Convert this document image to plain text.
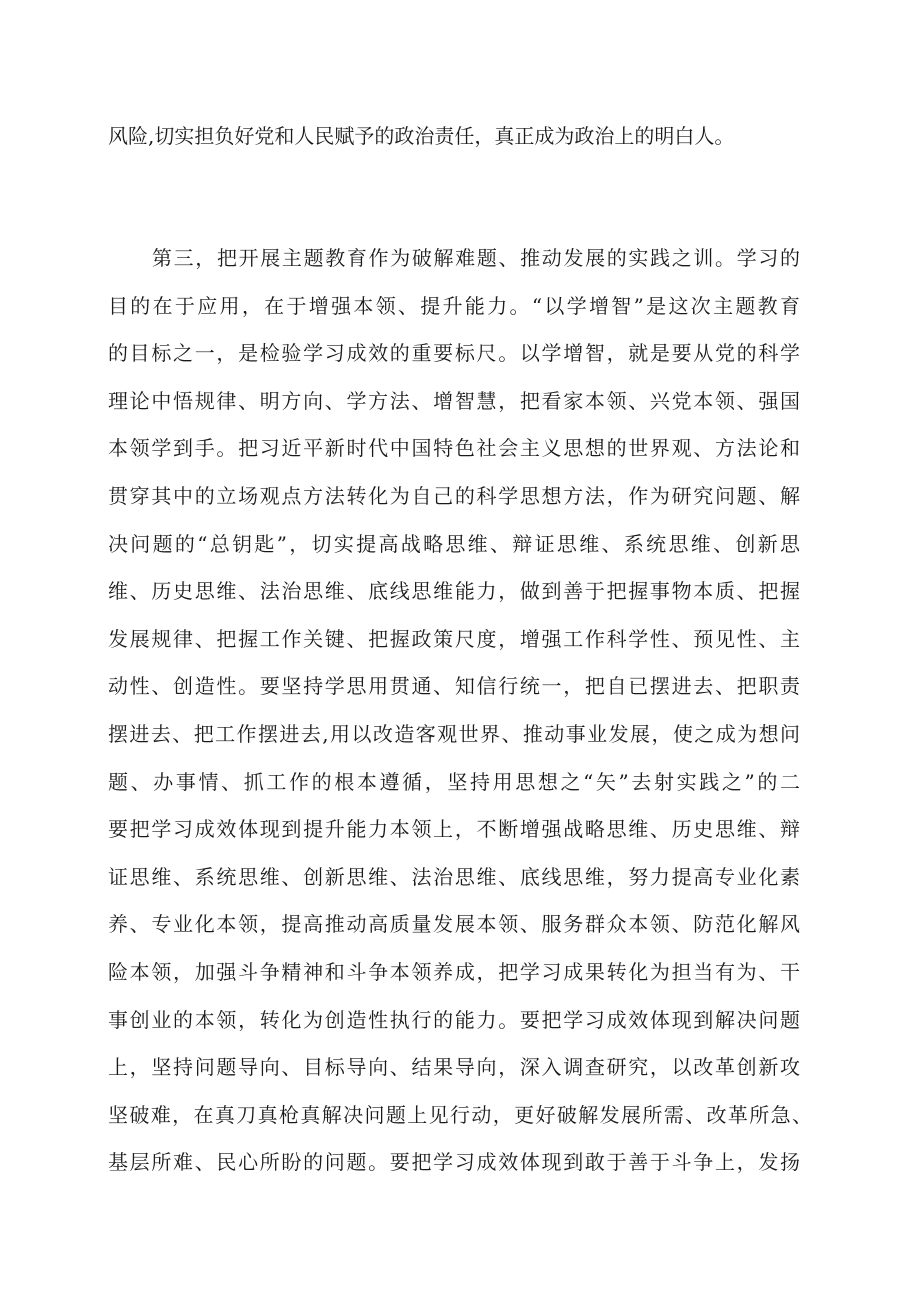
风险,切实担负好党和人民赋予的政治责任，真正成为政治上的明白人。
第三，把开展主题教育作为破解难题、推动发展的实践之训。学习的
目的在于应用，在于增强本领、提升能力。“以学增智”是这次主题教育
的目标之一，是检验学习成效的重要标尺。以学增智，就是要从党的科学
理论中悟规律、明方向、学方法、增智慧，把看家本领、兴党本领、强国
本领学到手。把习近平新时代中国特色社会主义思想的世界观、方法论和
贯穿其中的立场观点方法转化为自己的科学思想方法，作为研究问题、解
决问题的“总钥匙”，切实提高战略思维、辩证思维、系统思维、创新思
维、历史思维、法治思维、底线思维能力，做到善于把握事物本质、把握
发展规律、把握工作关键、把握政策尺度，增强工作科学性、预见性、主
动性、创造性。要坚持学思用贯通、知信行统一，把自已摆进去、把职责
摆进去、把工作摆进去,用以改造客观世界、推动事业发展，使之成为想问
题、办事情、抓工作的根本遵循，坚持用思想之“矢”去射实践之”的二
要把学习成效体现到提升能力本领上，不断增强战略思维、历史思维、辩
证思维、系统思维、创新思维、法治思维、底线思维，努力提高专业化素
养、专业化本领，提高推动高质量发展本领、服务群众本领、防范化解风
险本领，加强斗争精神和斗争本领养成，把学习成果转化为担当有为、干
事创业的本领，转化为创造性执行的能力。要把学习成效体现到解决问题
上，坚持问题导向、目标导向、结果导向，深入调查研究，以改革创新攻
坚破难，在真刀真枪真解决问题上见行动，更好破解发展所需、改革所急、
基层所难、民心所盼的问题。要把学习成效体现到敢于善于斗争上，发扬
